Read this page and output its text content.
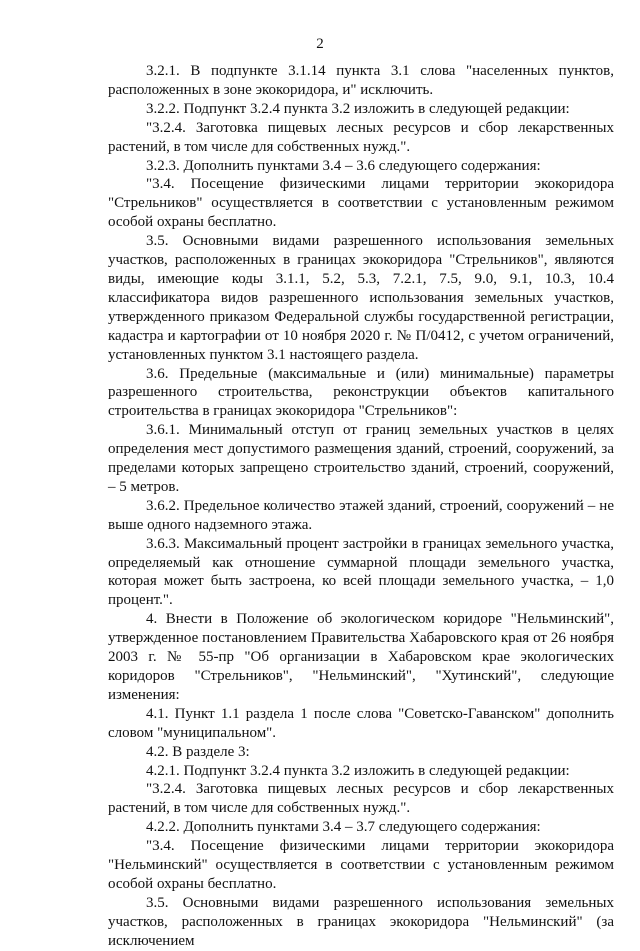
2

3.2.1. В подпункте 3.1.14 пункта 3.1 слова "населенных пунктов, расположенных в зоне экокоридора, и" исключить.

3.2.2. Подпункт 3.2.4 пункта 3.2 изложить в следующей редакции:

"3.2.4. Заготовка пищевых лесных ресурсов и сбор лекарственных растений, в том числе для собственных нужд.".

3.2.3. Дополнить пунктами 3.4 – 3.6 следующего содержания:

"3.4. Посещение физическими лицами территории экокоридора "Стрельников" осуществляется в соответствии с установленным режимом особой охраны бесплатно.

3.5. Основными видами разрешенного использования земельных участков, расположенных в границах экокоридора "Стрельников", являются виды, имеющие коды 3.1.1, 5.2, 5.3, 7.2.1, 7.5, 9.0, 9.1, 10.3, 10.4 классификатора видов разрешенного использования земельных участков, утвержденного приказом Федеральной службы государственной регистрации, кадастра и картографии от 10 ноября 2020 г. № П/0412, с учетом ограничений, установленных пунктом 3.1 настоящего раздела.

3.6. Предельные (максимальные и (или) минимальные) параметры разрешенного строительства, реконструкции объектов капитального строительства в границах экокоридора "Стрельников":

3.6.1. Минимальный отступ от границ земельных участков в целях определения мест допустимого размещения зданий, строений, сооружений, за пределами которых запрещено строительство зданий, строений, сооружений, – 5 метров.

3.6.2. Предельное количество этажей зданий, строений, сооружений – не выше одного надземного этажа.

3.6.3. Максимальный процент застройки в границах земельного участка, определяемый как отношение суммарной площади земельного участка, которая может быть застроена, ко всей площади земельного участка, – 1,0 процент.".

4. Внести в Положение об экологическом коридоре "Нельминский", утвержденное постановлением Правительства Хабаровского края от 26 ноября 2003 г. № 55-пр "Об организации в Хабаровском крае экологических коридоров "Стрельников", "Нельминский", "Хутинский", следующие изменения:

4.1. Пункт 1.1 раздела 1 после слова "Советско-Гаванском" дополнить словом "муниципальном".

4.2. В разделе 3:

4.2.1. Подпункт 3.2.4 пункта 3.2 изложить в следующей редакции:

"3.2.4. Заготовка пищевых лесных ресурсов и сбор лекарственных растений, в том числе для собственных нужд.".

4.2.2. Дополнить пунктами 3.4 – 3.7 следующего содержания:

"3.4. Посещение физическими лицами территории экокоридора "Нельминский" осуществляется в соответствии с установленным режимом особой охраны бесплатно.

3.5. Основными видами разрешенного использования земельных участков, расположенных в границах экокоридора "Нельминский" (за исключением
